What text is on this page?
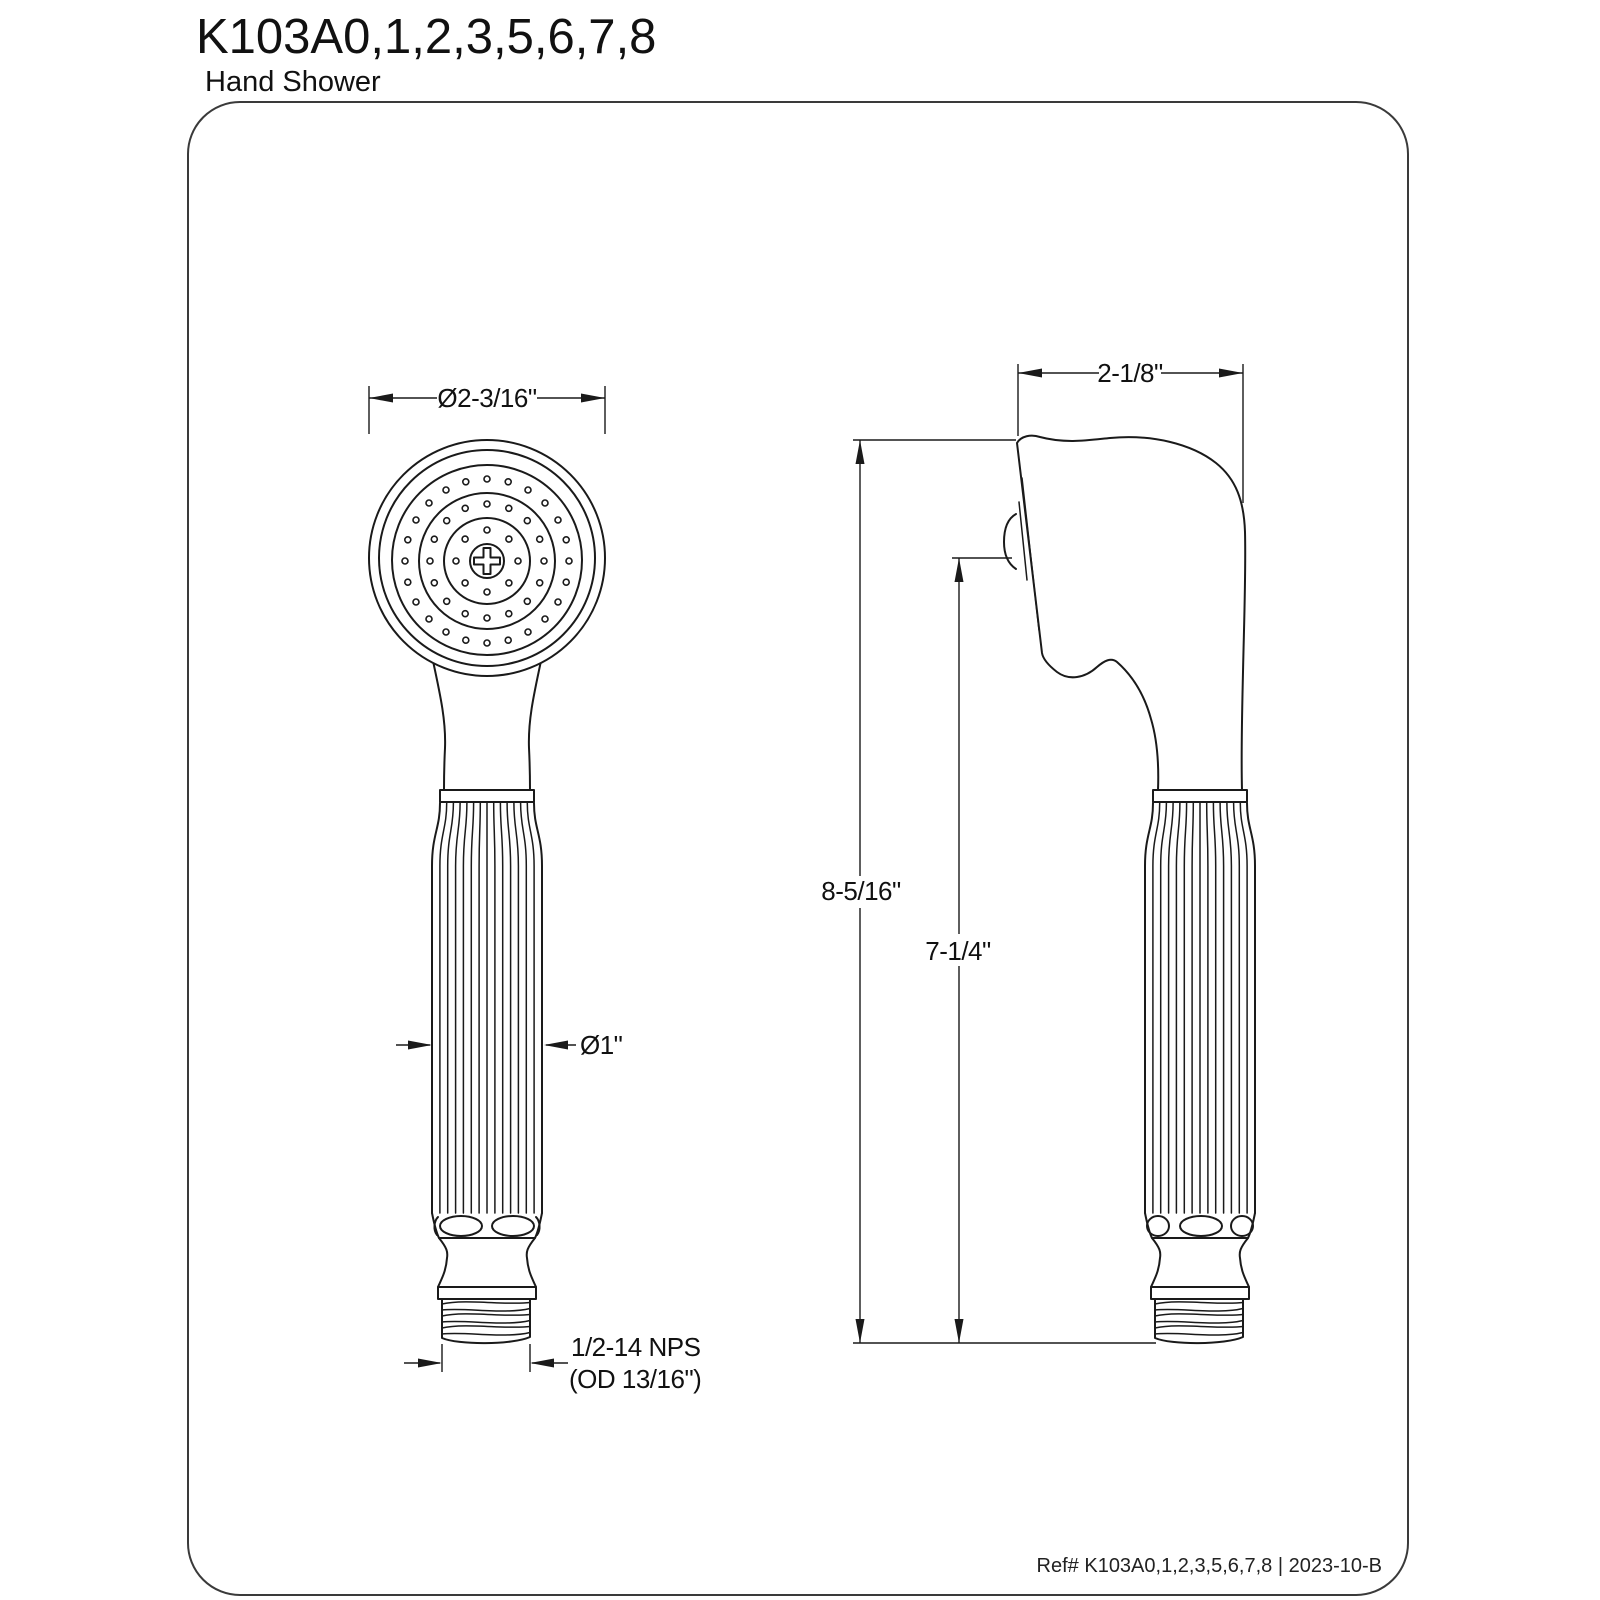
K103A0,1,2,3,5,6,7,8
Hand Shower
Ø2-3/16"
Ø1"
1/2-14 NPS
(OD 13/16")
2-1/8"
8-5/16"
7-1/4"
Ref# K103A0,1,2,3,5,6,7,8 | 2023-10-B
